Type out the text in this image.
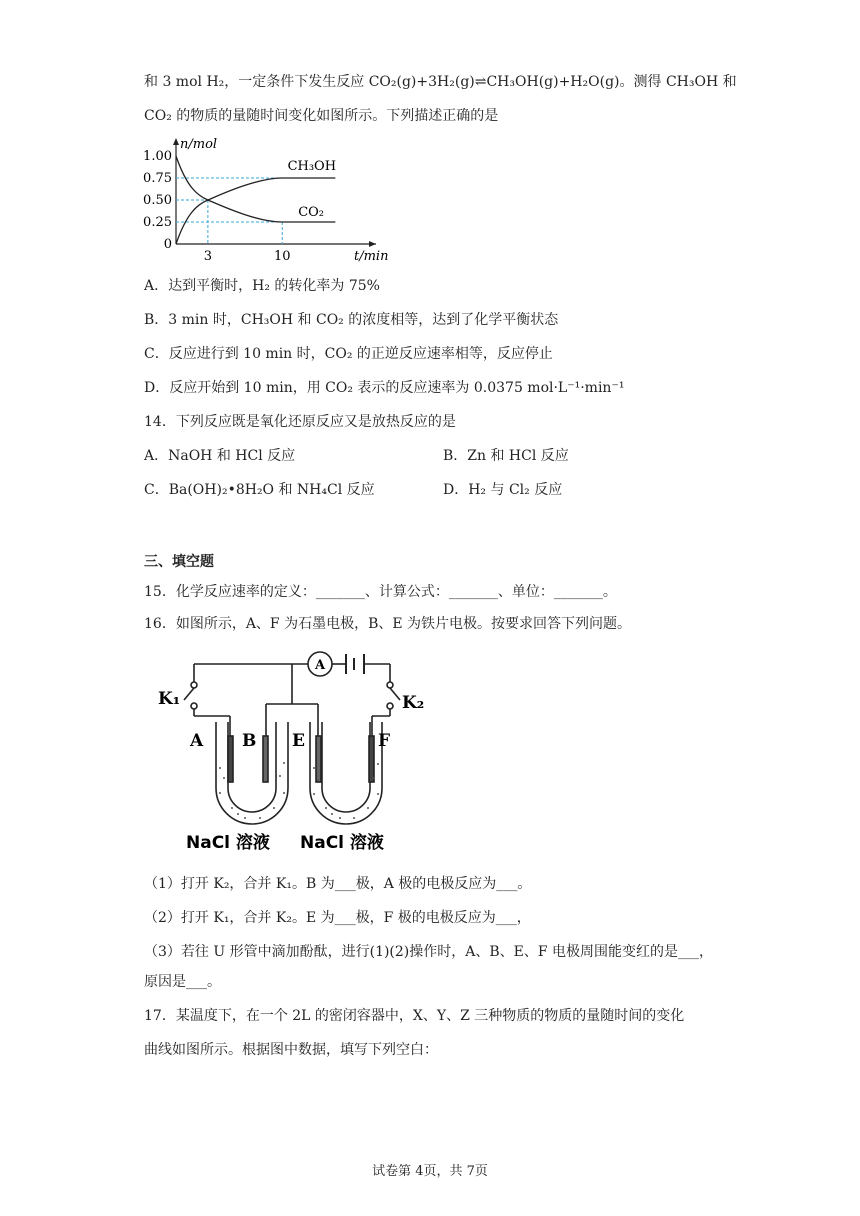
和 3 mol H₂，一定条件下发生反应 CO₂(g)+3H₂(g)⇌CH₃OH(g)+H₂O(g)。测得 CH₃OH 和
CO₂ 的物质的量随时间变化如图所示。下列描述正确的是
n/mol
t/min
1.00
0.75
0.50
0.25
0
3	10
CH₃OH
CO₂
A．达到平衡时，H₂ 的转化率为 75%
B．3 min 时，CH₃OH 和 CO₂ 的浓度相等，达到了化学平衡状态
C．反应进行到 10 min 时，CO₂ 的正逆反应速率相等，反应停止
D．反应开始到 10 min，用 CO₂ 表示的反应速率为 0.0375 mol·L⁻¹·min⁻¹
14．下列反应既是氧化还原反应又是放热反应的是
A．NaOH 和 HCl 反应	B．Zn 和 HCl 反应
C．Ba(OH)₂•8H₂O 和 NH₄Cl 反应	D．H₂ 与 Cl₂ 反应
三、填空题
15．化学反应速率的定义：_______、计算公式：_______、单位：_______。
16．如图所示，A、F 为石墨电极，B、E 为铁片电极。按要求回答下列问题。
A
K₁	K₂
A B E	F
NaCl 溶液 NaCl 溶液
（1）打开 K₂，合并 K₁。B 为___极，A 极的电极反应为___。
（2）打开 K₁，合并 K₂。E 为___极，F 极的电极反应为___，
（3）若往 U 形管中滴加酚酞，进行(1)(2)操作时，A、B、E、F 电极周围能变红的是___，
原因是___。
17．某温度下，在一个 2L 的密闭容器中，X、Y、Z 三种物质的物质的量随时间的变化
曲线如图所示。根据图中数据，填写下列空白：
试卷第 4页，共 7页
